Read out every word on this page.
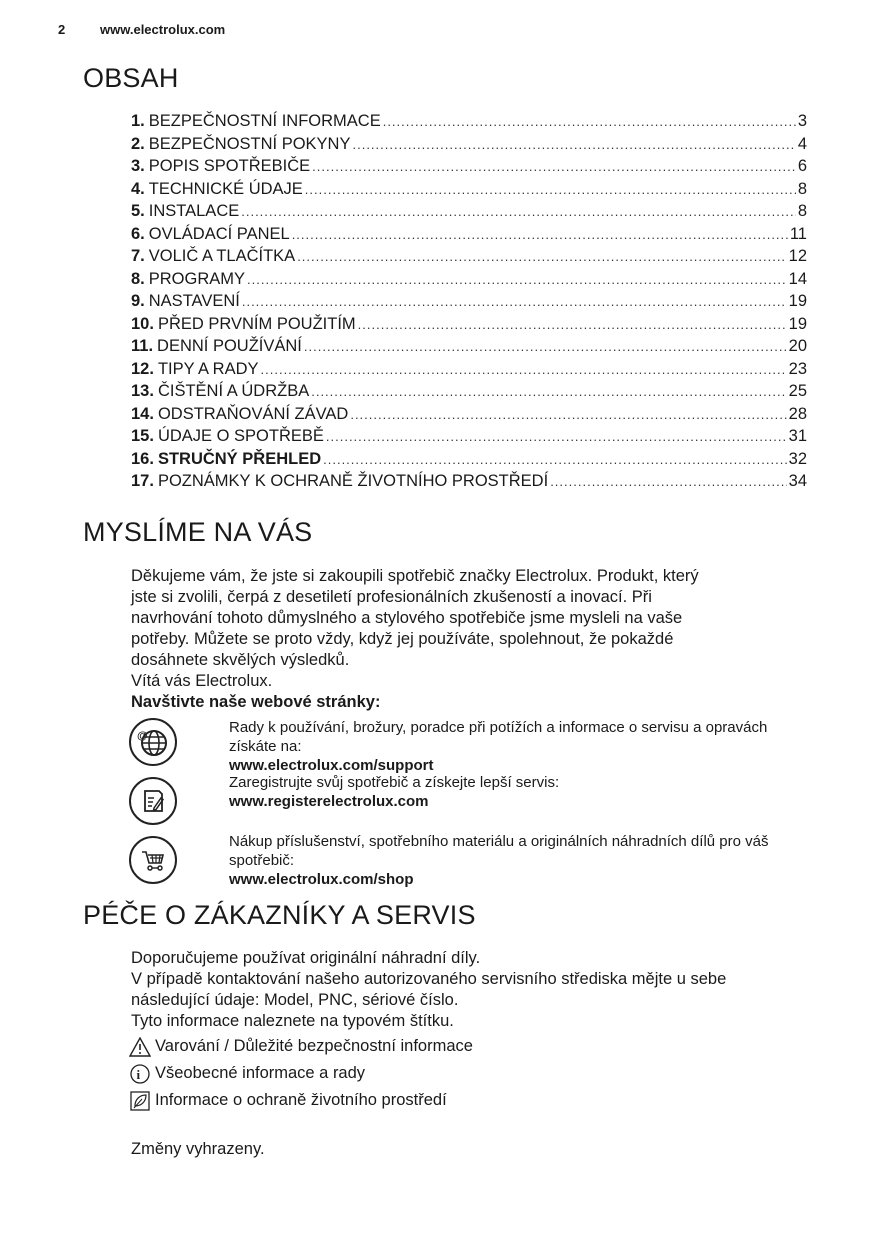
2	www.electrolux.com
OBSAH
1. BEZPEČNOSTNÍ INFORMACE .....	3
2. BEZPEČNOSTNÍ POKYNY .....	4
3. POPIS SPOTŘEBIČE .....	6
4. TECHNICKÉ ÚDAJE .....	8
5. INSTALACE .....	8
6. OVLÁDACÍ PANEL .....	11
7. VOLIČ A TLAČÍTKA .....	12
8. PROGRAMY .....	14
9. NASTAVENÍ .....	19
10. PŘED PRVNÍM POUŽITÍM .....	19
11. DENNÍ POUŽÍVÁNÍ .....	20
12. TIPY A RADY .....	23
13. ČIŠTĚNÍ A ÚDRŽBA .....	25
14. ODSTRAŇOVÁNÍ ZÁVAD .....	28
15. ÚDAJE O SPOTŘEBĚ .....	31
16. STRUČNÝ PŘEHLED .....	32
17. POZNÁMKY K OCHRANĚ ŽIVOTNÍHO PROSTŘEDÍ .....	34
MYSLÍME NA VÁS

Děkujeme vám, že jste si zakoupili spotřebič značky Electrolux. Produkt, který

jste si zvolili, čerpá z desetiletí profesionálních zkušeností a inovací. Při

navrhování tohoto důmyslného a stylového spotřebiče jsme mysleli na vaše

potřeby. Můžete se proto vždy, když jej používáte, spolehnout, že pokaždé

dosáhnete skvělých výsledků.

Vítá vás Electrolux.

Navštivte naše webové stránky:

@	Rady k používání, brožury, poradce při potížích a informace o servisu a opravách získáte na:
www.electrolux.com/support
Zaregistrujte svůj spotřebič a získejte lepší servis:
www.registerelectrolux.com
Nákup příslušenství, spotřebního materiálu a originálních náhradních dílů pro váš spotřebič:
www.electrolux.com/shop
PÉČE O ZÁKAZNÍKY A SERVIS

Doporučujeme používat originální náhradní díly.

V případě kontaktování našeho autorizovaného servisního střediska mějte u sebe

následující údaje: Model, PNC, sériové číslo.

Tyto informace naleznete na typovém štítku.

Varování / Důležité bezpečnostní informace
i Všeobecné informace a rady
Informace o ochraně životního prostředí

Změny vyhrazeny.
